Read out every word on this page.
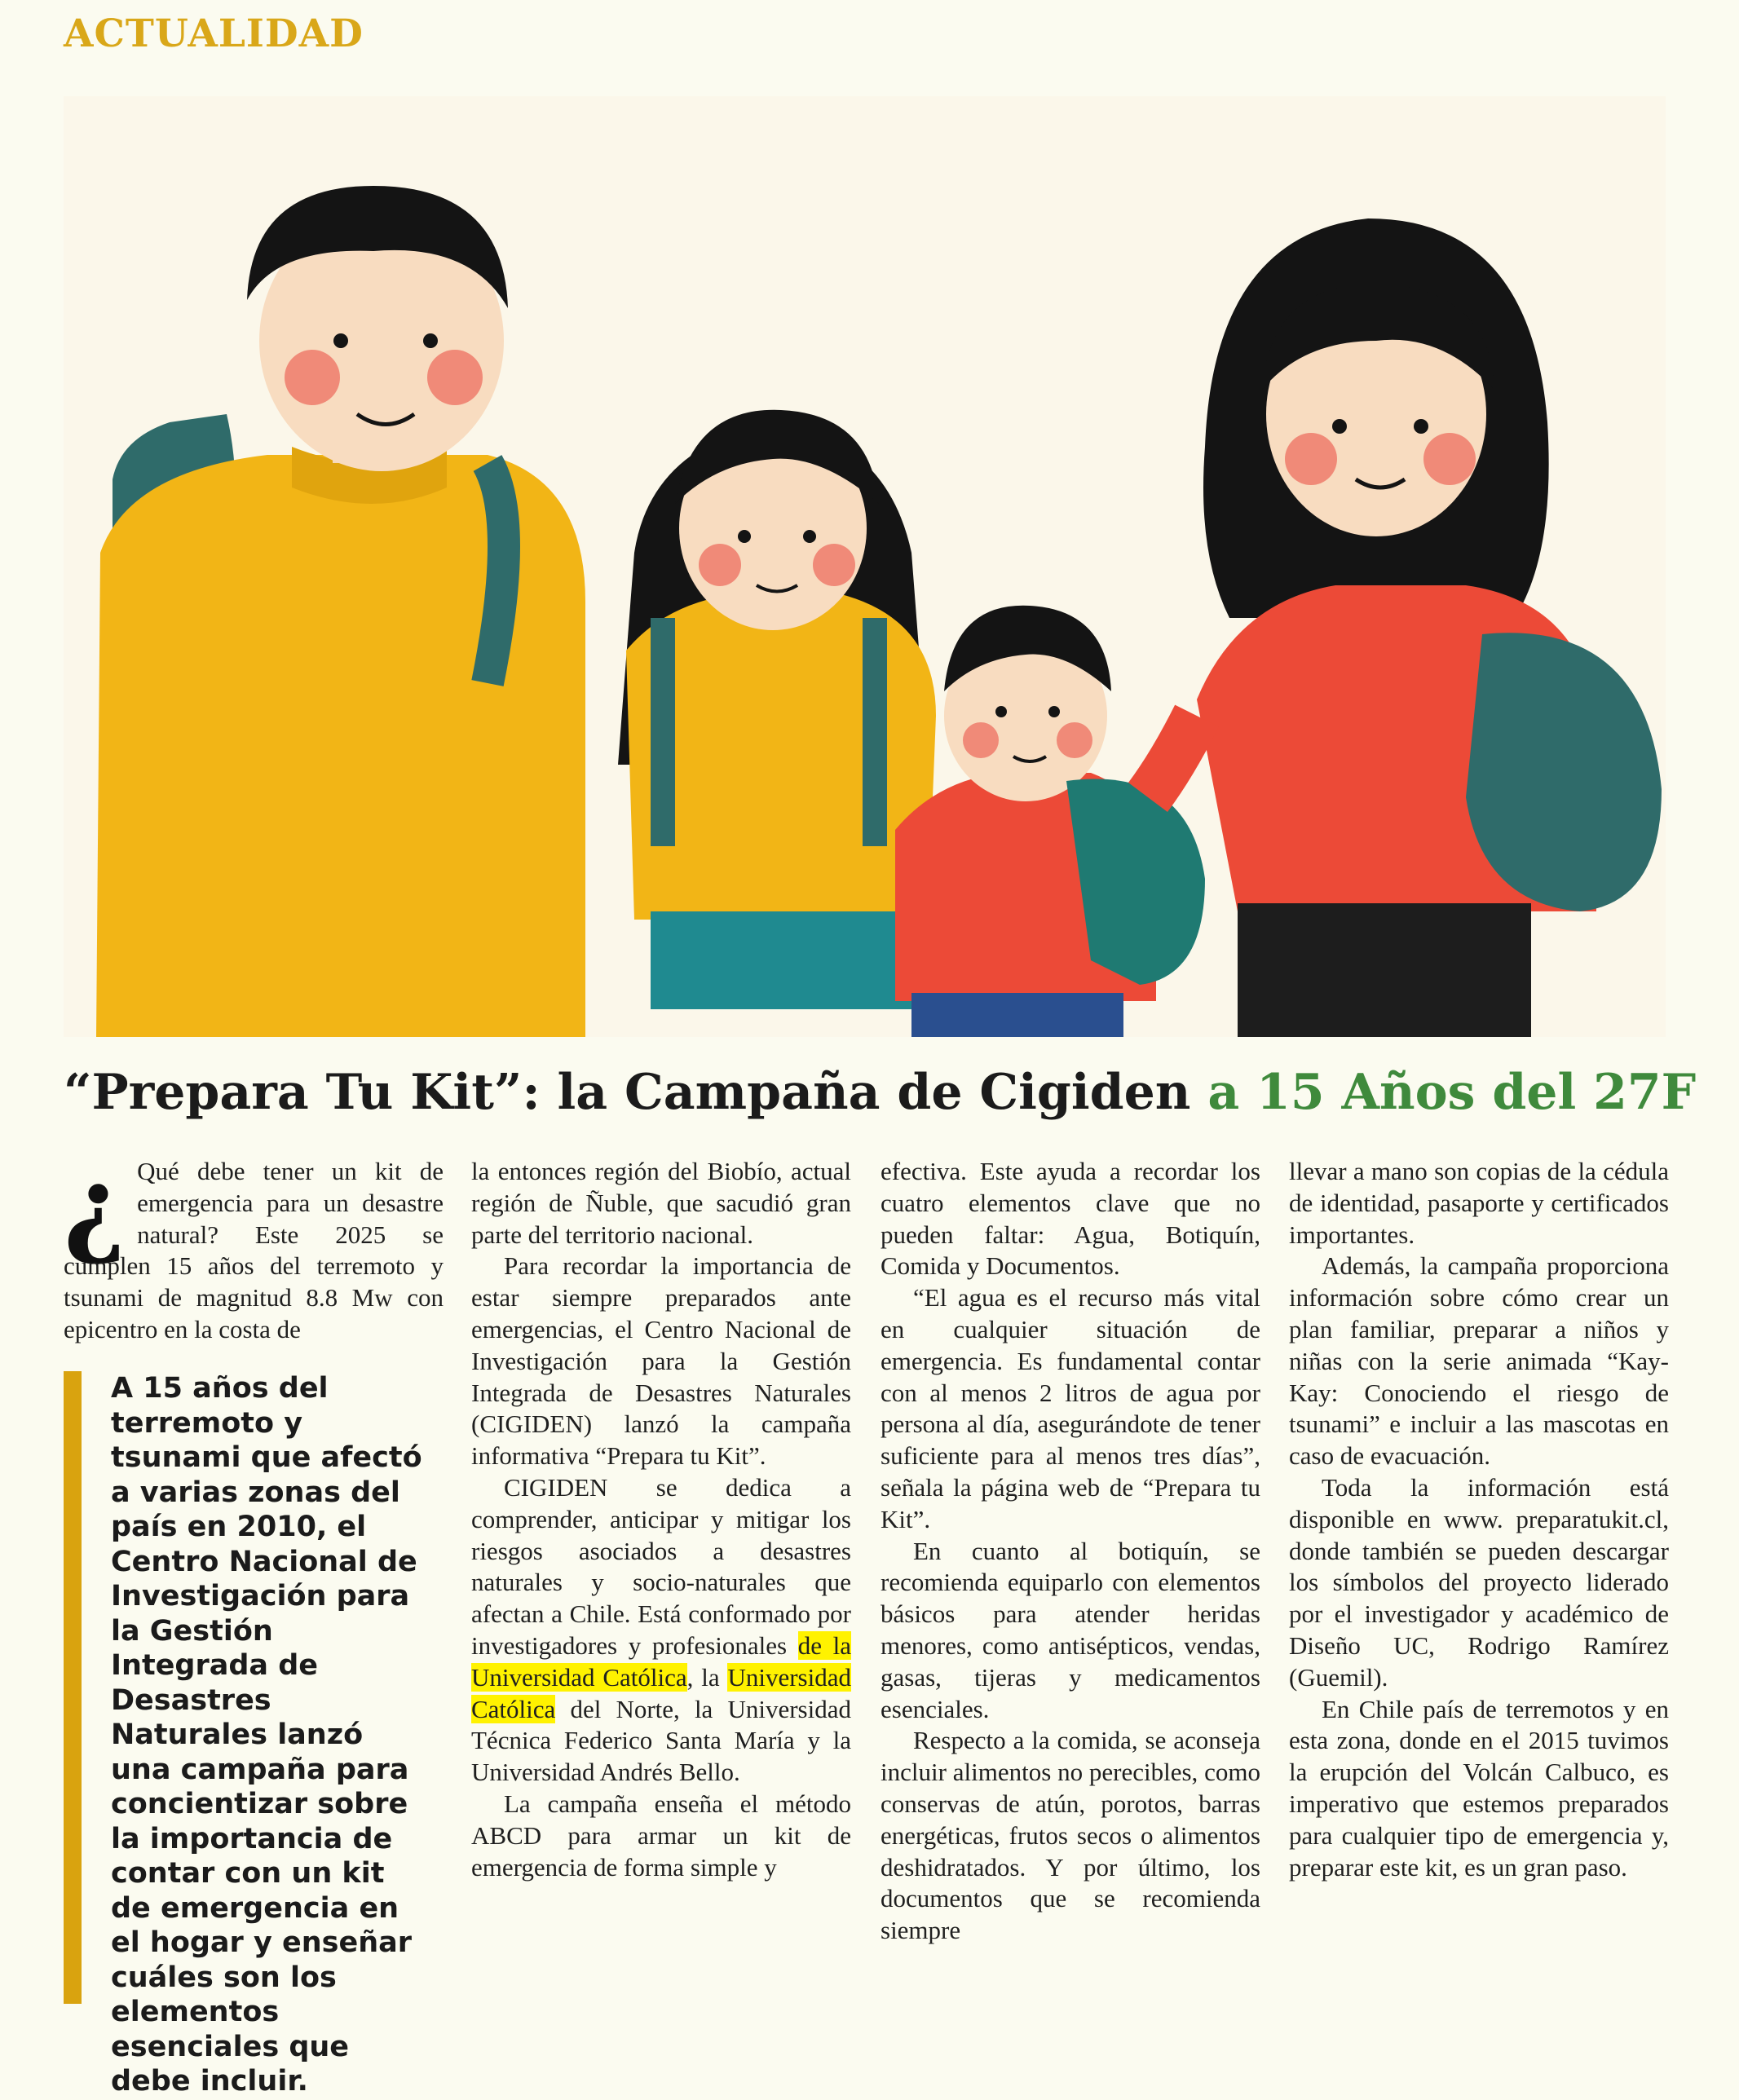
ACTUALIDAD
“Prepara Tu Kit”: la Campaña de Cigiden a 15 Años del 27F

¿ Qué debe tener un kit de emergencia para un desastre natural? Este 2025 se cumplen 15 años del terremoto y tsunami de magnitud 8.8 Mw con epicentro en la costa de

A 15 años del terremoto y tsunami que afectó a varias zonas del país en 2010, el Centro Nacional de Investigación para la Gestión Integrada de Desastres Naturales lanzó una campaña para concientizar sobre la importancia de contar con un kit de emergencia en el hogar y enseñar cuáles son los elementos esenciales que debe incluir.

la entonces región del Biobío, actual región de Ñuble, que sacudió gran parte del territorio nacional.

Para recordar la importancia de estar siempre preparados ante emergencias, el Centro Nacional de Investigación para la Gestión Integrada de Desastres Naturales (CIGIDEN) lanzó la campaña informativa “Prepara tu Kit”.

CIGIDEN se dedica a comprender, anticipar y mitigar los riesgos asociados a desastres naturales y socio-naturales que afectan a Chile. Está conformado por investigadores y profesionales de la Universidad Católica, la Universidad Católica del Norte, la Universidad Técnica Federico Santa María y la Universidad Andrés Bello.

La campaña enseña el método ABCD para armar un kit de emergencia de forma simple y

efectiva. Este ayuda a recordar los cuatro elementos clave que no pueden faltar: Agua, Botiquín, Comida y Documentos.

“El agua es el recurso más vital en cualquier situación de emergencia. Es fundamental contar con al menos 2 litros de agua por persona al día, asegurándote de tener suficiente para al menos tres días”, señala la página web de “Prepara tu Kit”.

En cuanto al botiquín, se recomienda equiparlo con elementos básicos para atender heridas menores, como antisépticos, vendas, gasas, tijeras y medicamentos esenciales.

Respecto a la comida, se aconseja incluir alimentos no perecibles, como conservas de atún, porotos, barras energéticas, frutos secos o alimentos deshidratados. Y por último, los documentos que se recomienda siempre

llevar a mano son copias de la cédula de identidad, pasaporte y certificados importantes.

Además, la campaña proporciona información sobre cómo crear un plan familiar, preparar a niños y niñas con la serie animada “Kay-Kay: Conociendo el riesgo de tsunami” e incluir a las mascotas en caso de evacuación.

Toda la información está disponible en www. preparatukit.cl, donde también se pueden descargar los símbolos del proyecto liderado por el investigador y académico de Diseño UC, Rodrigo Ramírez (Guemil).

En Chile país de terremotos y en esta zona, donde en el 2015 tuvimos la erupción del Volcán Calbuco, es imperativo que estemos preparados para cualquier tipo de emergencia y, preparar este kit, es un gran paso.
